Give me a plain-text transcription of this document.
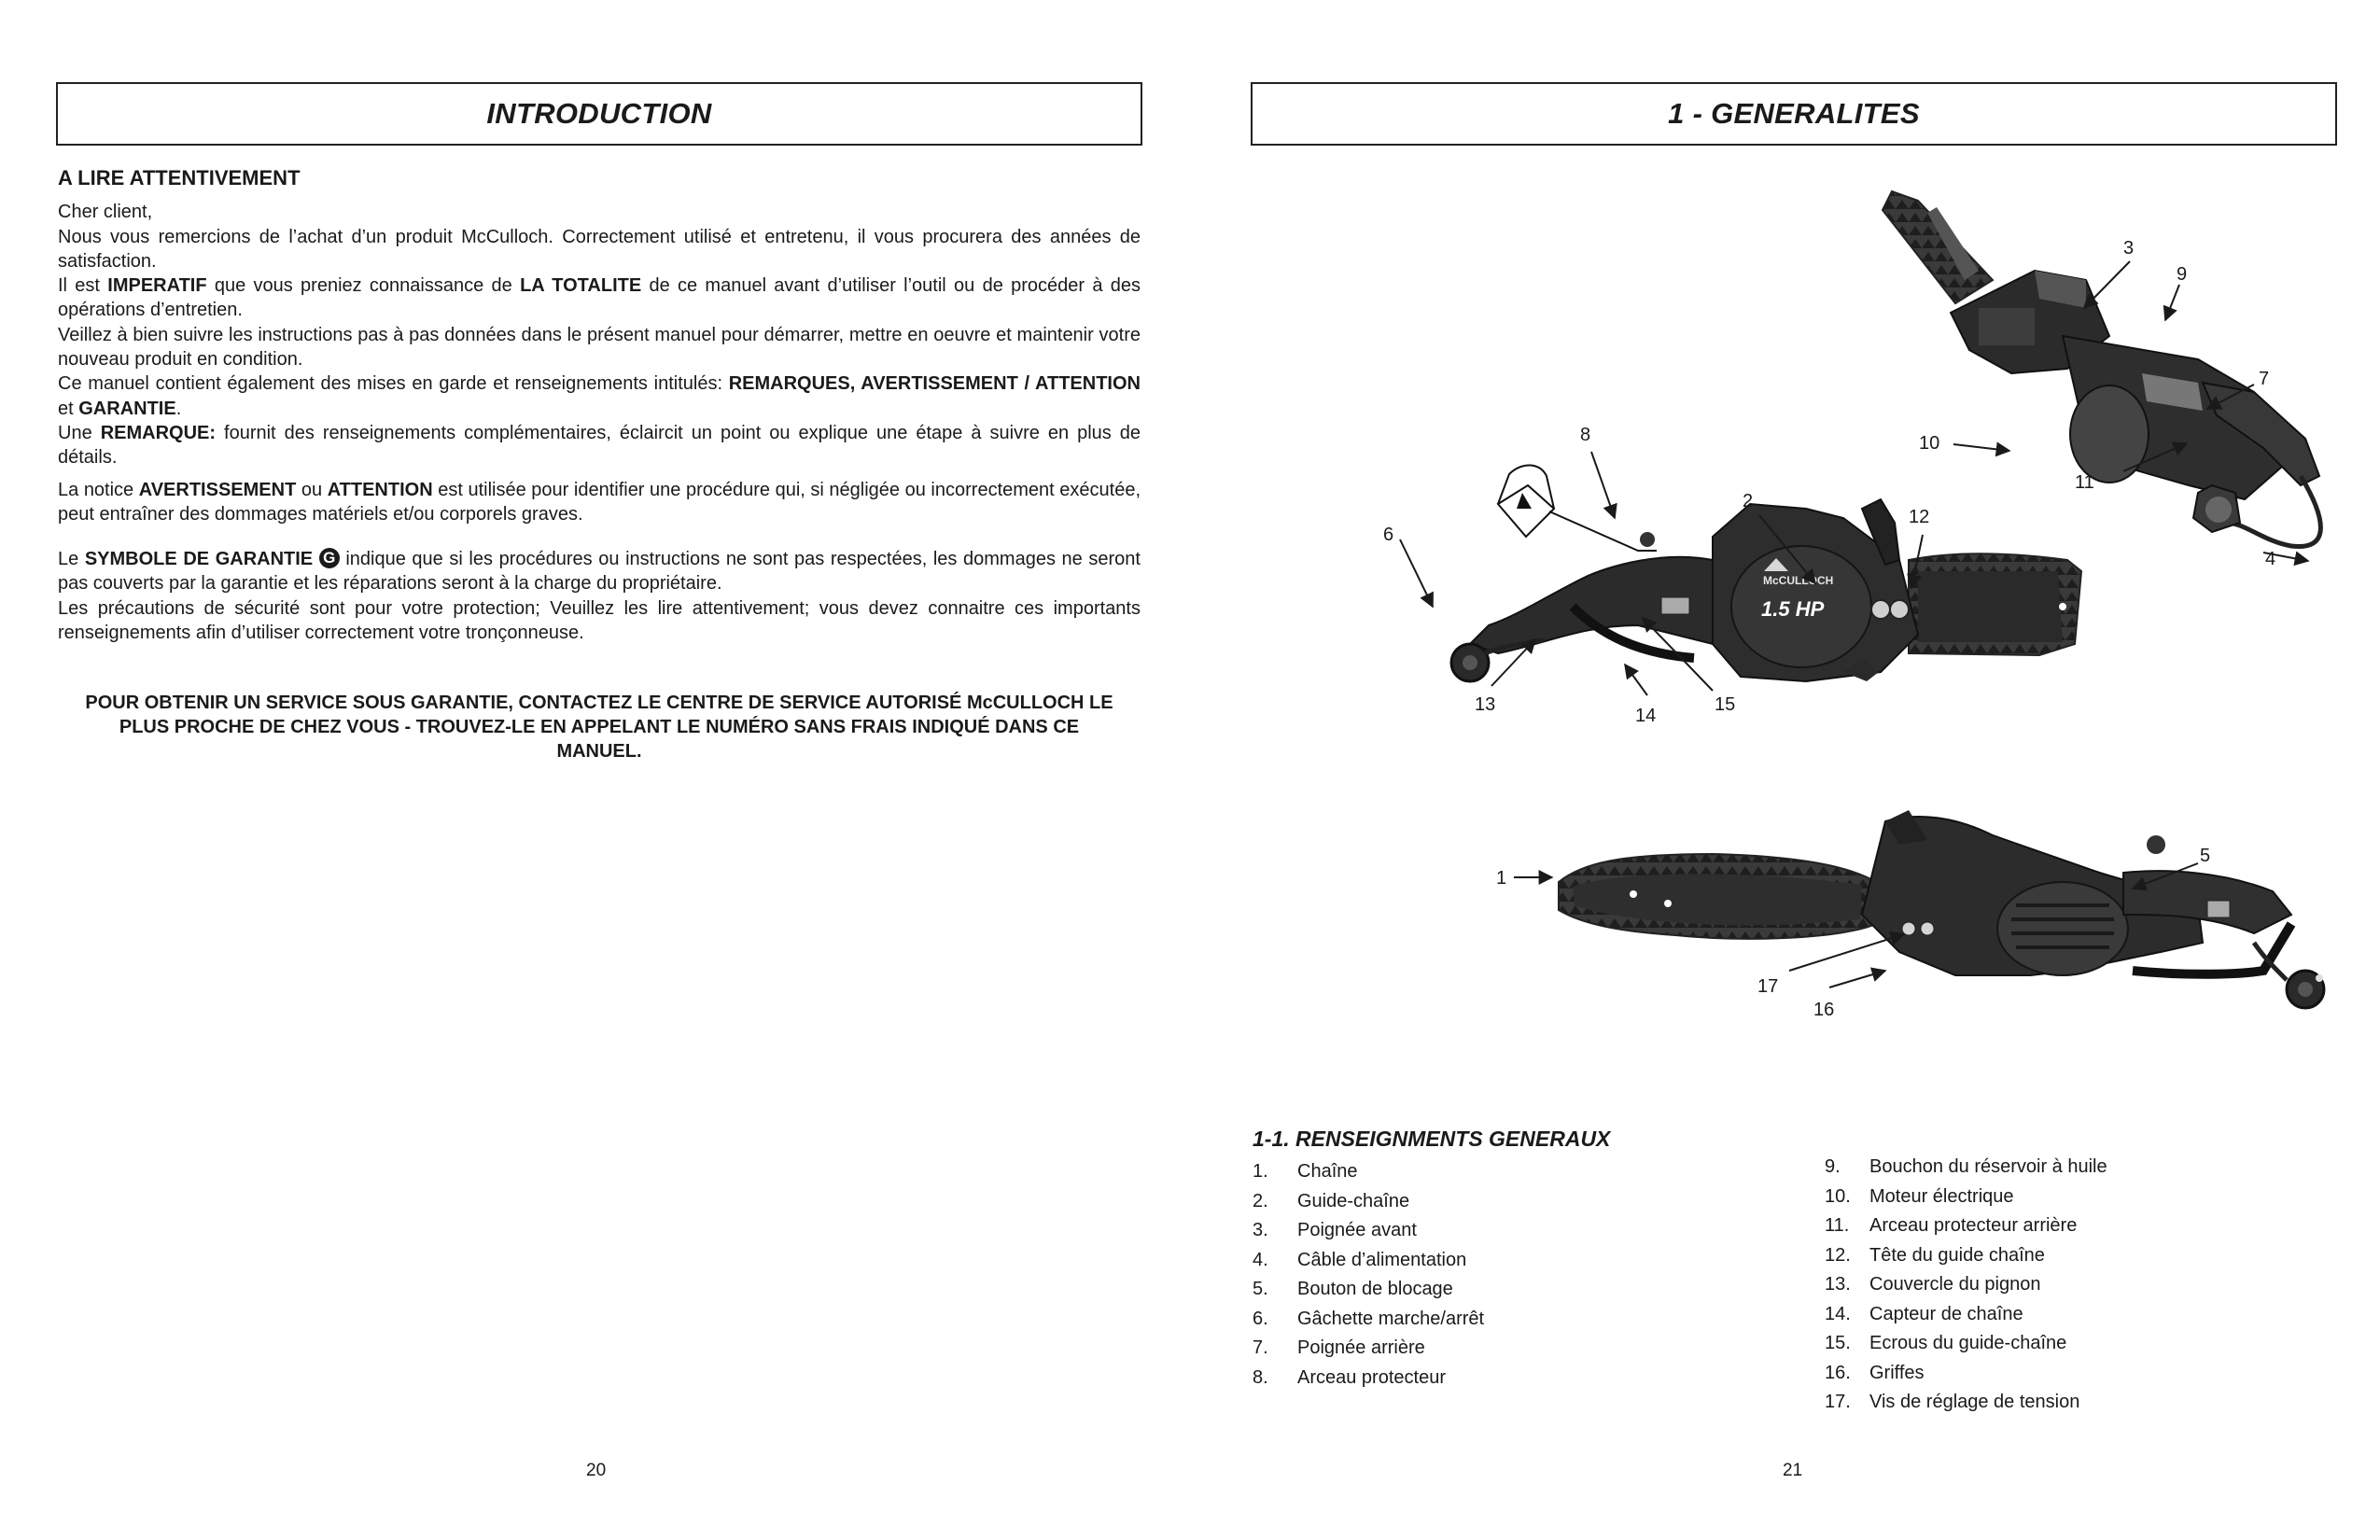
INTRODUCTION
A LIRE ATTENTIVEMENT

Cher client,

Nous vous remercions de l’achat d’un produit McCulloch. Correctement utilisé et entretenu, il vous procurera des années de satisfaction.

Il est IMPERATIF que vous preniez connaissance de LA TOTALITE de ce manuel avant d’utiliser l’outil ou de procéder à des opérations d’entretien.

Veillez à bien suivre les instructions pas à pas données dans le présent manuel pour démarrer, mettre en oeuvre et maintenir votre nouveau produit en condition.

Ce manuel contient également des mises en garde et renseignements intitulés: REMARQUES, AVERTISSEMENT / ATTENTION et GARANTIE.

Une REMARQUE: fournit des renseignements complémentaires, éclaircit un point ou explique une étape à suivre en plus de détails.

La notice AVERTISSEMENT ou ATTENTION est utilisée pour identifier une procédure qui, si négligée ou incorrectement exécutée, peut entraîner des dommages matériels et/ou corporels graves.

Le SYMBOLE DE GARANTIE G indique que si les procédures ou instructions ne sont pas respectées, les dommages ne seront pas couverts par la garantie et les réparations seront à la charge du propriétaire.

Les précautions de sécurité sont pour votre protection; Veuillez les lire attentivement; vous devez connaitre ces importants renseignements afin d’utiliser correctement votre tronçonneuse.

POUR OBTENIR UN SERVICE SOUS GARANTIE, CONTACTEZ LE CENTRE DE SERVICE AUTORISÉ McCULLOCH LE
PLUS PROCHE DE CHEZ VOUS - TROUVEZ-LE EN APPELANT LE NUMÉRO SANS FRAIS INDIQUÉ DANS CE
MANUEL.
20
1 - GENERALITES
McCULLOCH
1.5 HP
3
9
7
10
11
4
8
2
12
6
13
14
15
5
1
17
16
1-1. RENSEIGNMENTS GENERAUX
1.	Chaîne
2.	Guide-chaîne
3.	Poignée avant
4.	Câble d’alimentation
5.	Bouton de blocage
6.	Gâchette marche/arrêt
7.	Poignée arrière
8.	Arceau protecteur
9.	Bouchon du réservoir à huile
10.	Moteur électrique
11.	Arceau protecteur arrière
12.	Tête du guide chaîne
13.	Couvercle du pignon
14.	Capteur de chaîne
15.	Ecrous du guide-chaîne
16.	Griffes
17.	Vis de réglage de tension
21
